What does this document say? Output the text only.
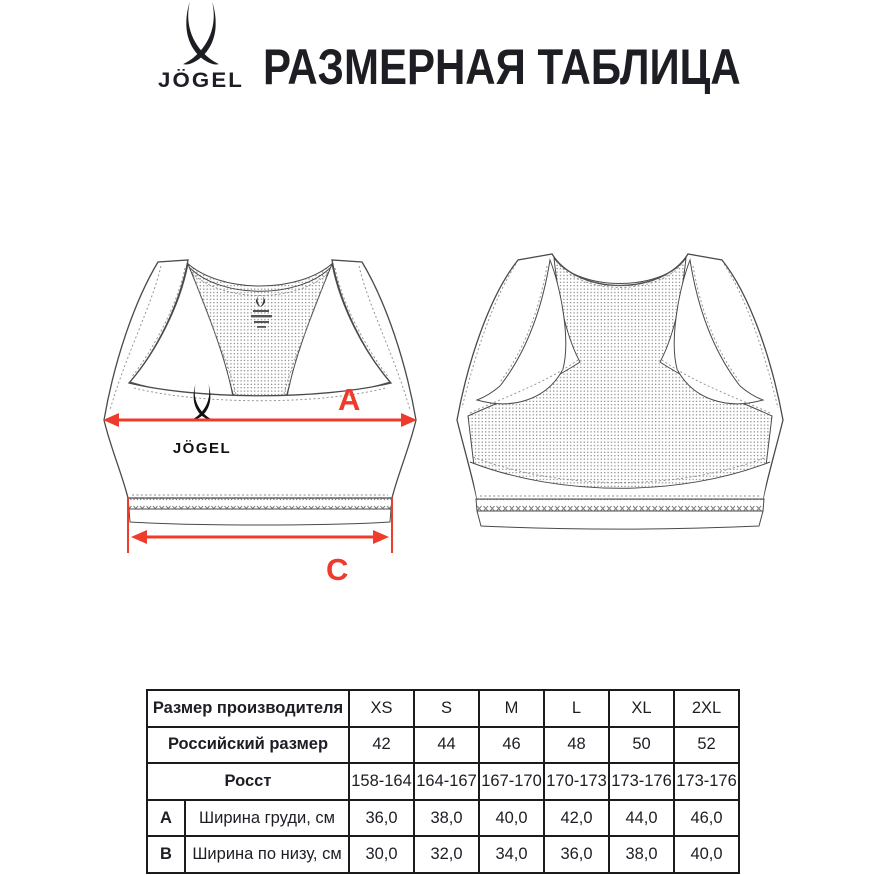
JÖGEL РАЗМЕРНАЯ ТАБЛИЦА
JÖGEL
A
C
Размер производителя		XS	S	M	L	XL	2XL
Российский размер		42	44	46	48	50	52
Росст		158-164	164-167	167-170	170-173	173-176	173-176
A	Ширина груди, см	36,0	38,0	40,0	42,0	44,0	46,0
B	Ширина по низу, см	30,0	32,0	34,0	36,0	38,0	40,0
